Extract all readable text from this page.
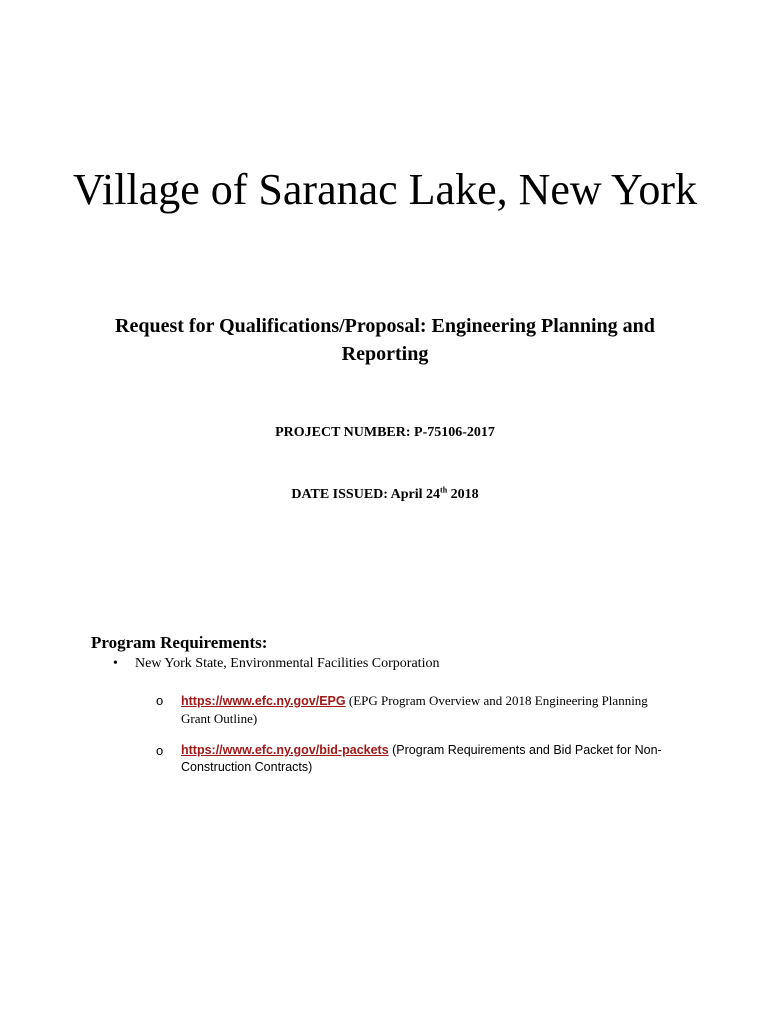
Village of Saranac Lake, New York
Request for Qualifications/Proposal: Engineering Planning and Reporting
PROJECT NUMBER: P-75106-2017
DATE ISSUED: April 24th 2018
Program Requirements:
•	New York State, Environmental Facilities Corporation
o	https://www.efc.ny.gov/EPG (EPG Program Overview and 2018 Engineering Planning Grant Outline)
o	https://www.efc.ny.gov/bid-packets (Program Requirements and Bid Packet for Non-Construction Contracts)
